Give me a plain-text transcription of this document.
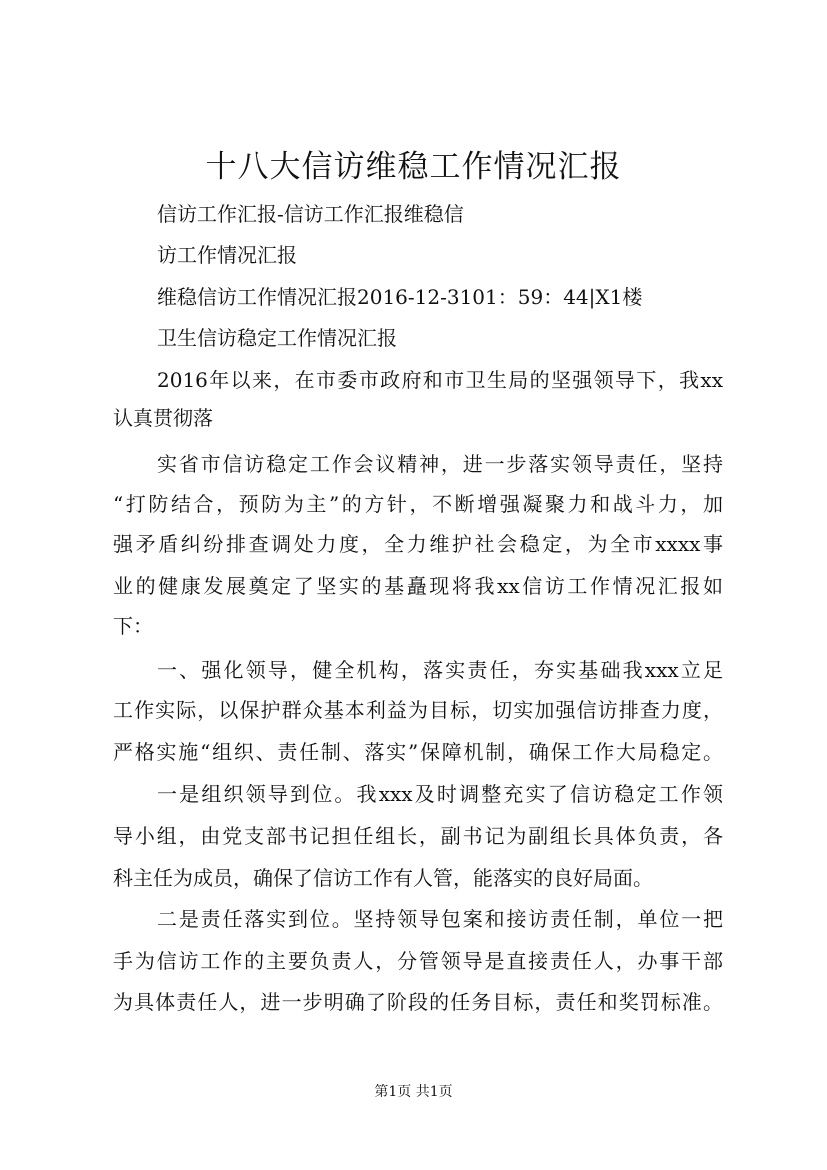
十八大信访维稳工作情况汇报

信访工作汇报-信访工作汇报维稳信

访工作情况汇报

维稳信访工作情况汇报2016-12-3101：59：44|X1楼

卫生信访稳定工作情况汇报

2016年以来，在市委市政府和市卫生局的坚强领导下，我xx

认真贯彻落

实省市信访稳定工作会议精神，进一步落实领导责任，坚持

“打防结合，预防为主”的方针，不断增强凝聚力和战斗力，加

强矛盾纠纷排查调处力度，全力维护社会稳定，为全市xxxx事

业的健康发展奠定了坚实的基矗现将我xx信访工作情况汇报如

下：

一、强化领导，健全机构，落实责任，夯实基础我xxx立足

工作实际，以保护群众基本利益为目标，切实加强信访排查力度，

严格实施“组织、责任制、落实”保障机制，确保工作大局稳定。

一是组织领导到位。我xxx及时调整充实了信访稳定工作领

导小组，由党支部书记担任组长，副书记为副组长具体负责，各

科主任为成员，确保了信访工作有人管，能落实的良好局面。

二是责任落实到位。坚持领导包案和接访责任制，单位一把

手为信访工作的主要负责人，分管领导是直接责任人，办事干部

为具体责任人，进一步明确了阶段的任务目标，责任和奖罚标准。

第1页 共1页
